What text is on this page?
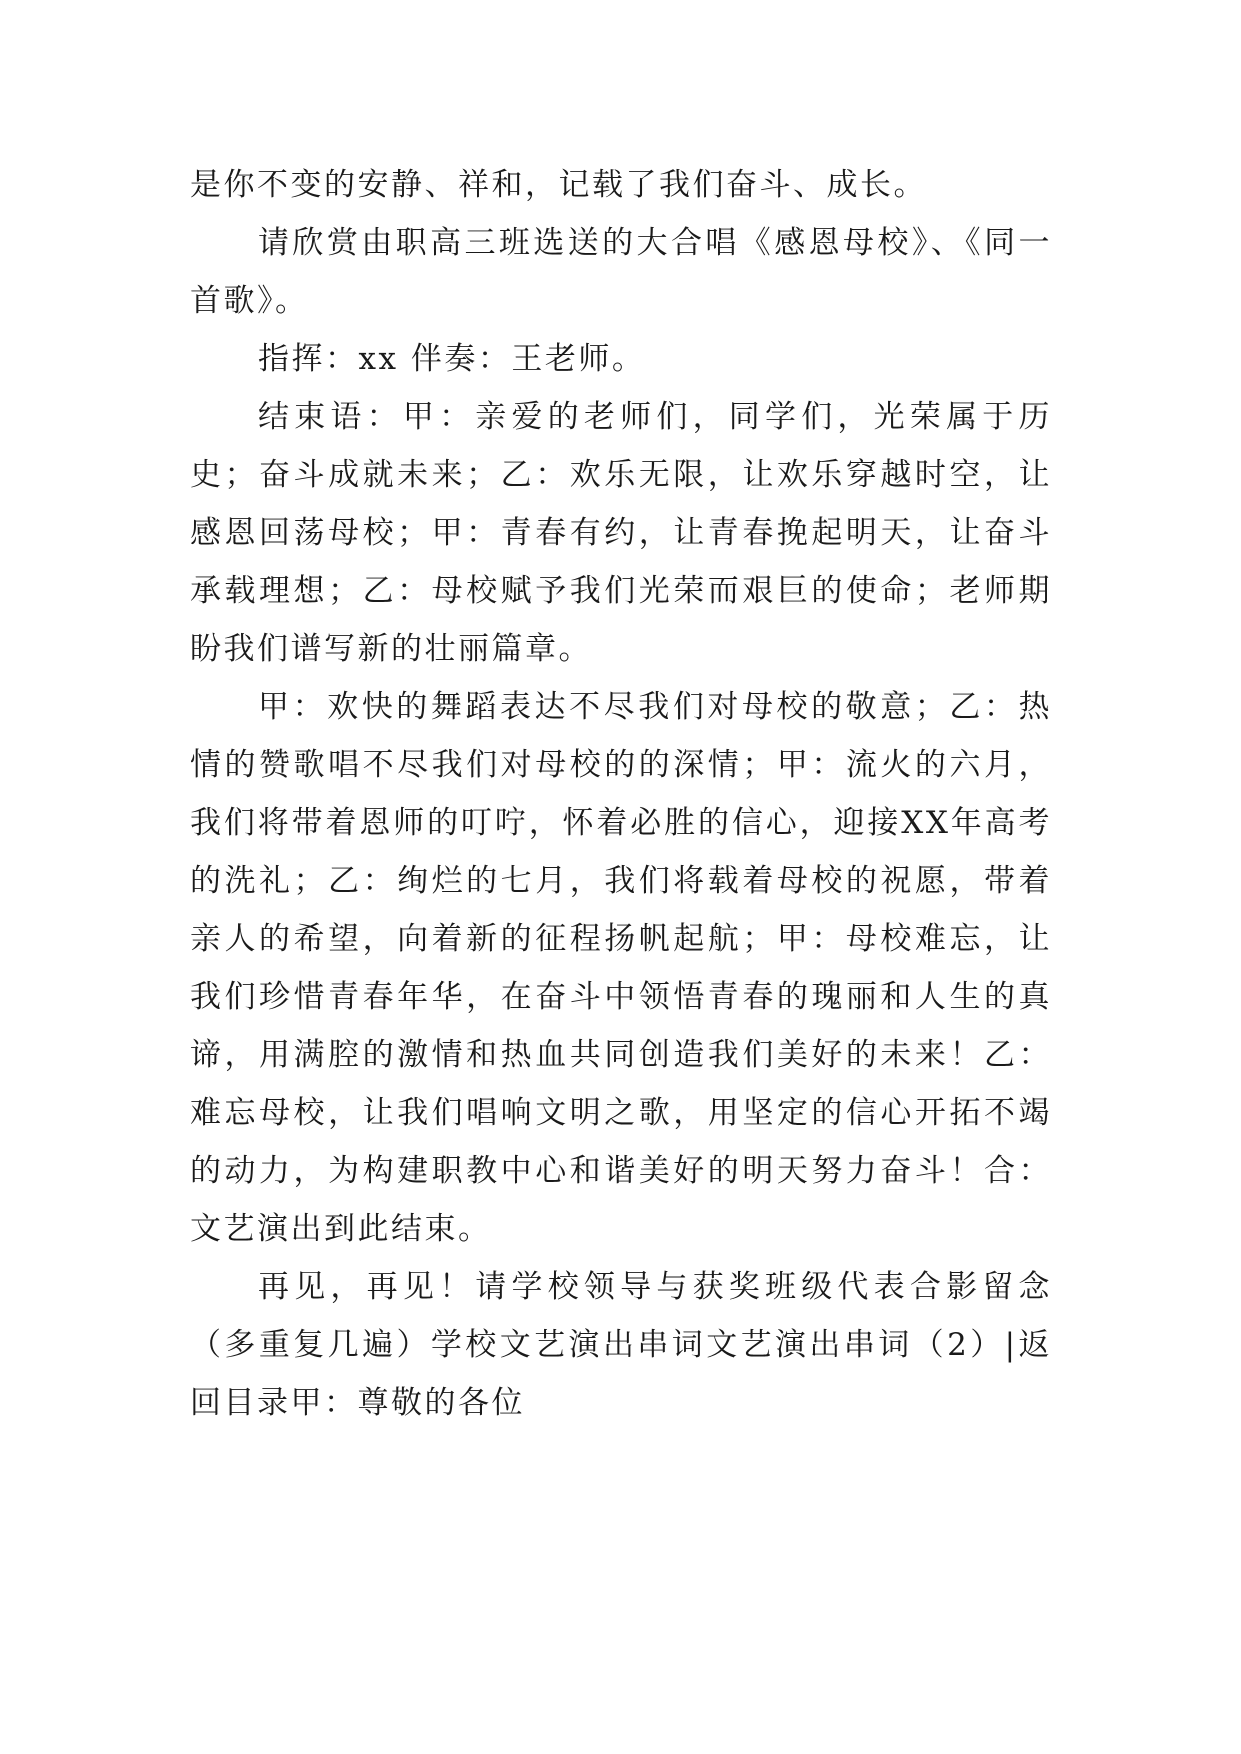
是你不变的安静、祥和，记载了我们奋斗、成长。

请欣赏由职高三班选送的大合唱《感恩母校》、《同一首歌》。

指挥：xx 伴奏：王老师。

结束语：甲：亲爱的老师们，同学们，光荣属于历史；奋斗成就未来；乙：欢乐无限，让欢乐穿越时空，让感恩回荡母校；甲：青春有约，让青春挽起明天，让奋斗承载理想；乙：母校赋予我们光荣而艰巨的使命；老师期盼我们谱写新的壮丽篇章。

甲：欢快的舞蹈表达不尽我们对母校的敬意；乙：热情的赞歌唱不尽我们对母校的的深情；甲：流火的六月，我们将带着恩师的叮咛，怀着必胜的信心，迎接XX年高考的洗礼；乙：绚烂的七月，我们将载着母校的祝愿，带着亲人的希望，向着新的征程扬帆起航；甲：母校难忘，让我们珍惜青春年华，在奋斗中领悟青春的瑰丽和人生的真谛，用满腔的激情和热血共同创造我们美好的未来！乙：难忘母校，让我们唱响文明之歌，用坚定的信心开拓不竭的动力，为构建职教中心和谐美好的明天努力奋斗！合：文艺演出到此结束。

再见，再见！请学校领导与获奖班级代表合影留念（多重复几遍）学校文艺演出串词文艺演出串词（2）|返回目录甲：尊敬的各位
